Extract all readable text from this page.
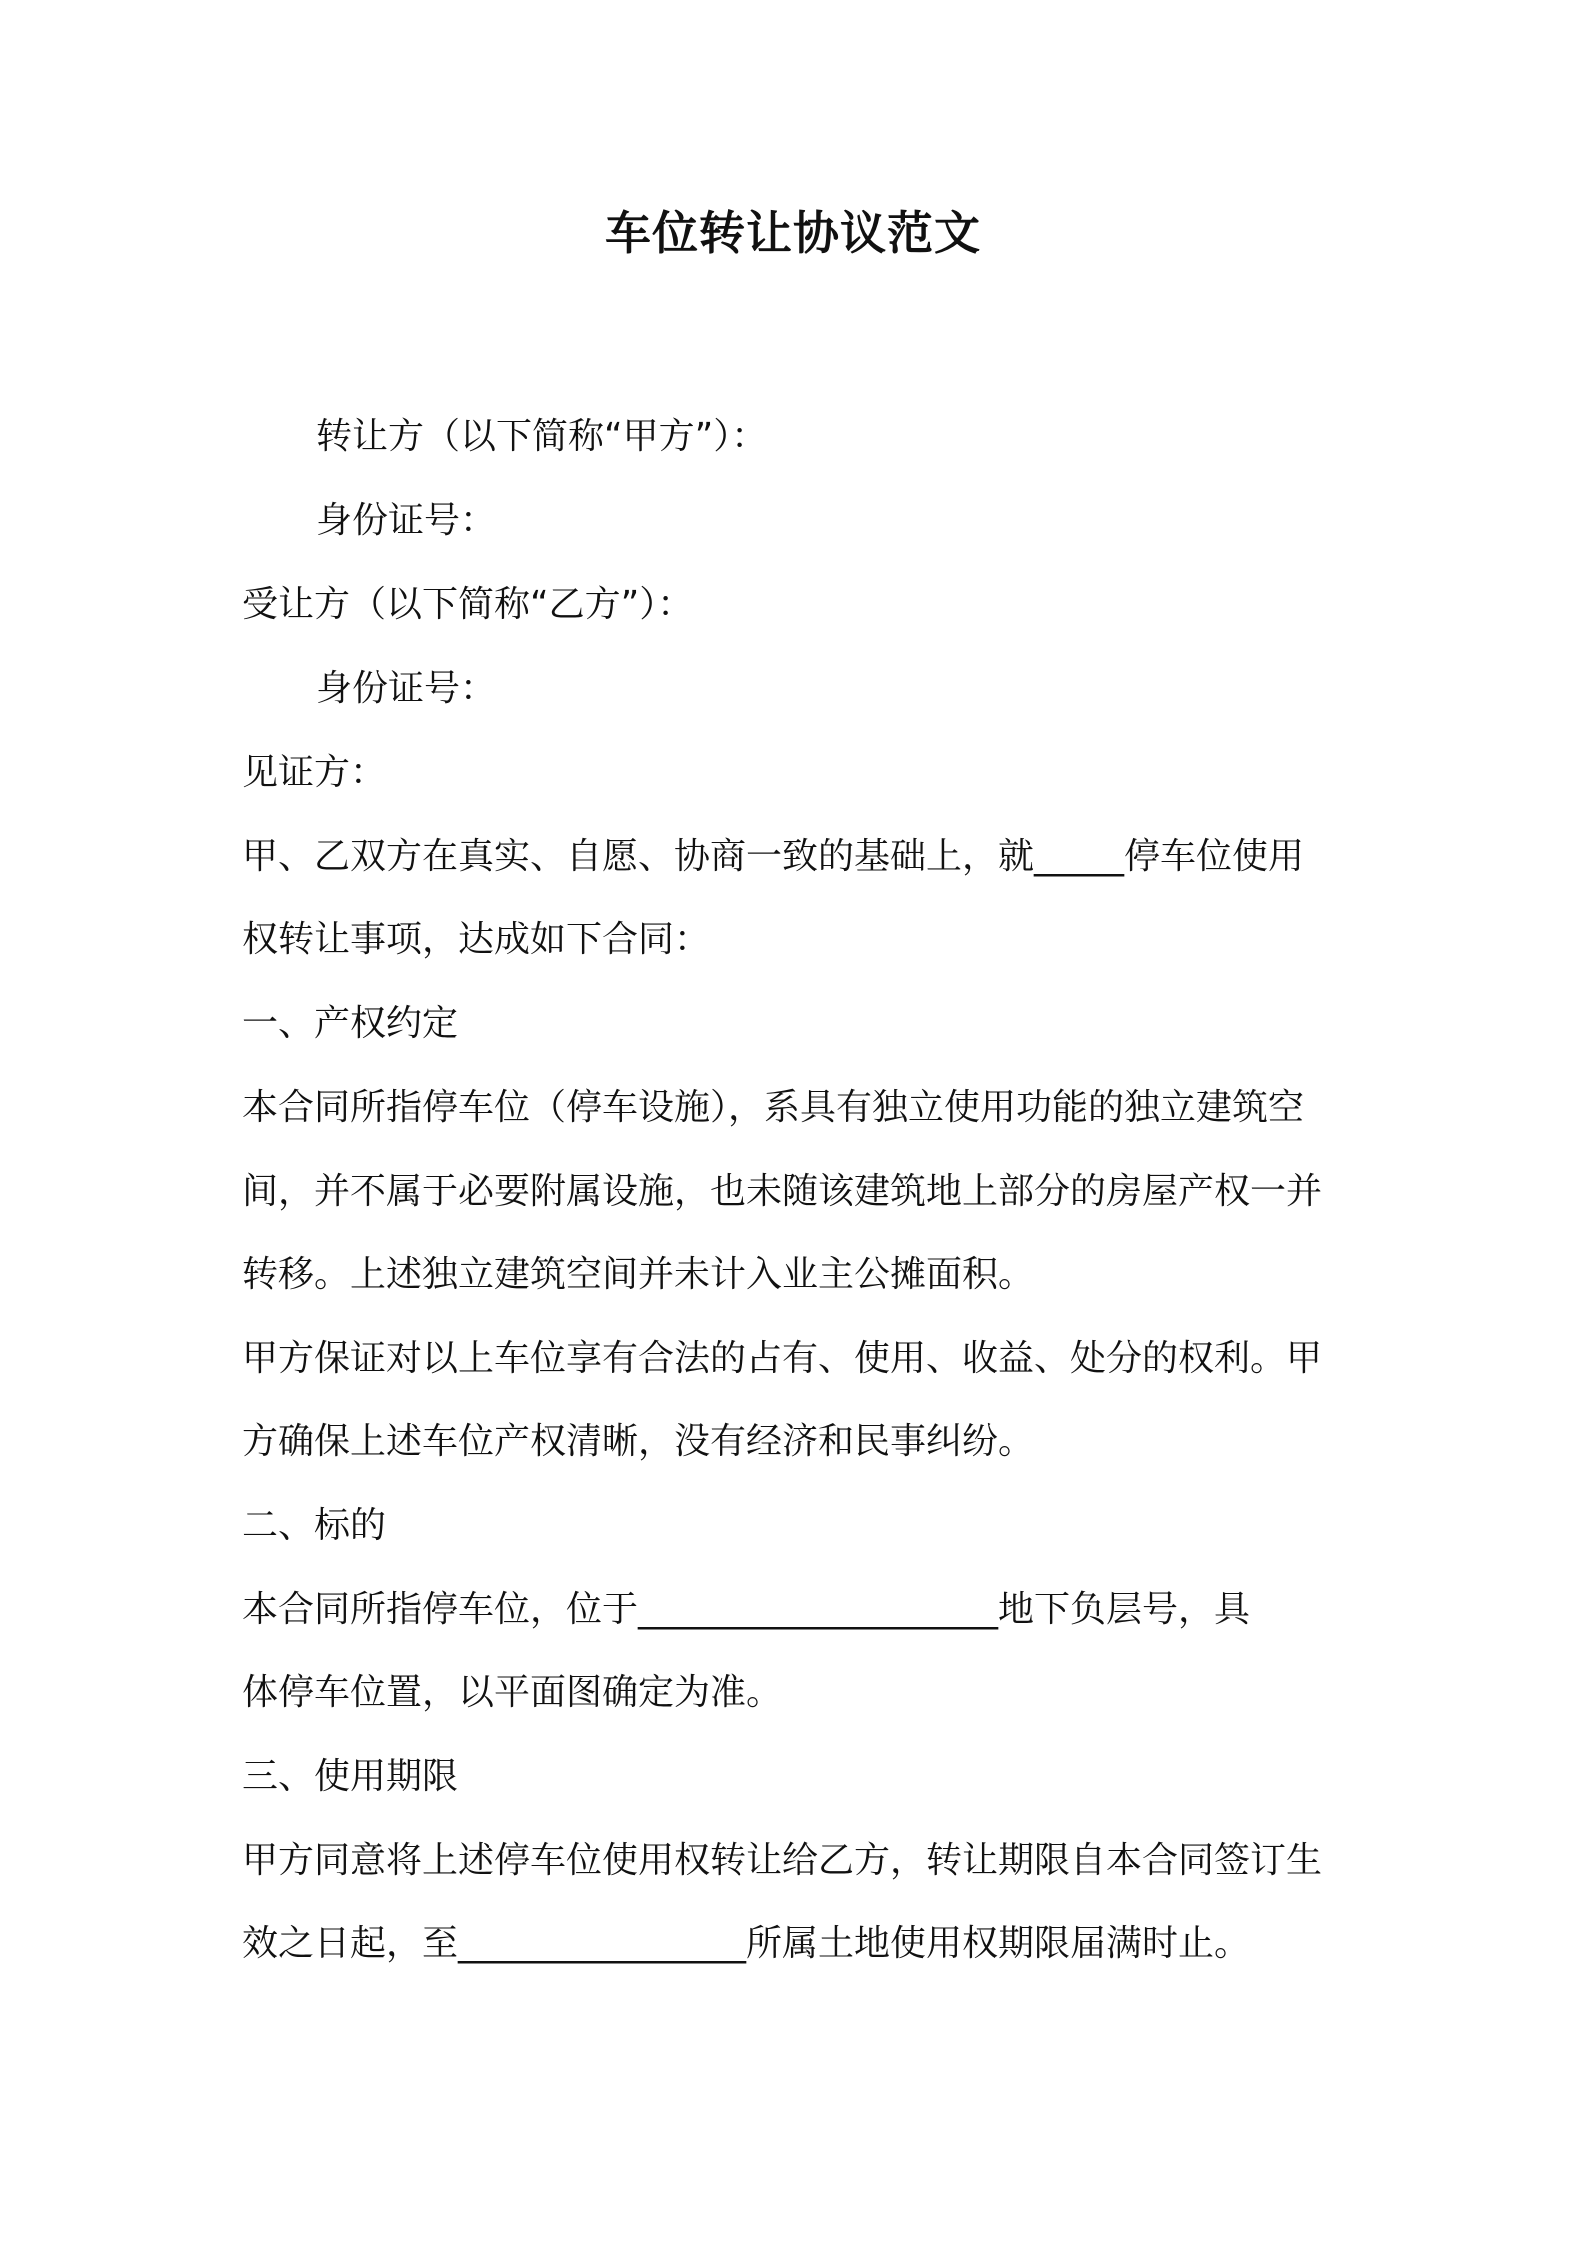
车位转让协议范文
转让方（以下简称“甲方”）：
身份证号：
受让方（以下简称“乙方”）：
身份证号：
见证方：
甲、乙双方在真实、自愿、协商一致的基础上，就_____停车位使用
权转让事项，达成如下合同：
一、产权约定
本合同所指停车位（停车设施），系具有独立使用功能的独立建筑空
间，并不属于必要附属设施，也未随该建筑地上部分的房屋产权一并
转移。上述独立建筑空间并未计入业主公摊面积。
甲方保证对以上车位享有合法的占有、使用、收益、处分的权利。甲
方确保上述车位产权清晰，没有经济和民事纠纷。
二、标的
本合同所指停车位，位于____________________地下负层号，具
体停车位置，以平面图确定为准。
三、使用期限
甲方同意将上述停车位使用权转让给乙方，转让期限自本合同签订生
效之日起，至________________所属土地使用权期限届满时止。
